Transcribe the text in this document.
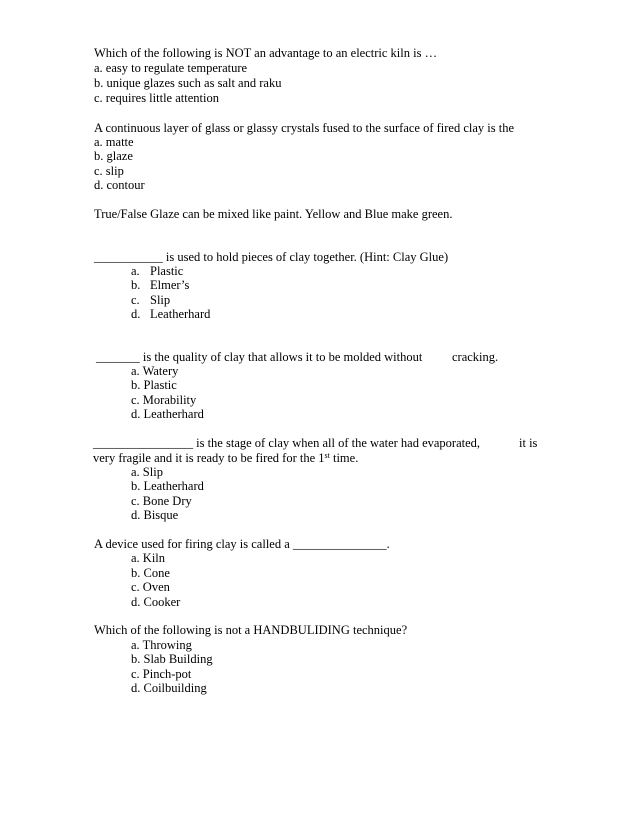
Which of the following is NOT an advantage to an electric kiln is …
a. easy to regulate temperature
b. unique glazes such as salt and raku
c. requires little attention
A continuous layer of glass or glassy crystals fused to the surface of fired clay is the
a. matte
b. glaze
c. slip
d. contour
True/False Glaze can be mixed like paint. Yellow and Blue make green.
___________ is used to hold pieces of clay together. (Hint: Clay Glue)
a. Plastic
b. Elmer’s
c. Slip
d. Leatherhard
_______ is the quality of clay that allows it to be molded without cracking.
a. Watery
b. Plastic
c. Morability
d. Leatherhard
________________ is the stage of clay when all of the water had evaporated,	it is
very fragile and it is ready to be fired for the 1st time.
a. Slip
b. Leatherhard
c. Bone Dry
d. Bisque
A device used for firing clay is called a _______________.
a. Kiln
b. Cone
c. Oven
d. Cooker
Which of the following is not a HANDBULIDING technique?
a. Throwing
b. Slab Building
c. Pinch-pot
d. Coilbuilding
